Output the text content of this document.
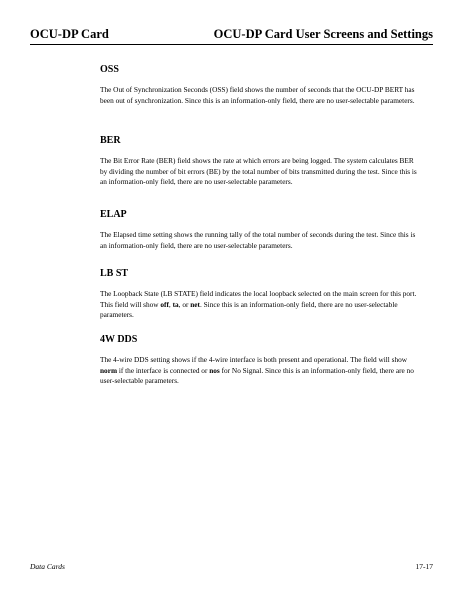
OCU-DP Card	OCU-DP Card User Screens and Settings
OSS

The Out of Synchronization Seconds (OSS) field shows the number of seconds that the OCU-DP BERT has been out of synchronization. Since this is an information-only field, there are no user-selectable parameters.

BER

The Bit Error Rate (BER) field shows the rate at which errors are being logged. The system calculates BER by dividing the number of bit errors (BE) by the total number of bits transmitted during the test. Since this is an information-only field, there are no user-selectable parameters.

ELAP

The Elapsed time setting shows the running tally of the total number of seconds during the test. Since this is an information-only field, there are no user-selectable parameters.

LB ST

The Loopback State (LB STATE) field indicates the local loopback selected on the main screen for this port. This field will show off, ta, or net. Since this is an information-only field, there are no user-selectable parameters.

4W DDS

The 4-wire DDS setting shows if the 4-wire interface is both present and operational. The field will show norm if the interface is connected or nos for No Signal. Since this is an information-only field, there are no user-selectable parameters.

Data Cards	17-17
